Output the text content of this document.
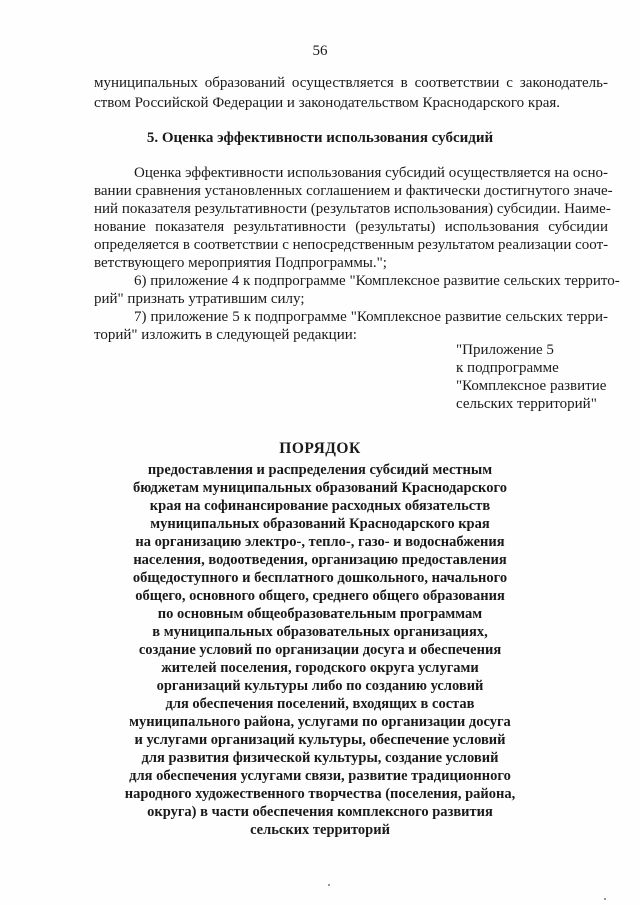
56
муниципальных образований осуществляется в соответствии с законодатель-
ством Российской Федерации и законодательством Краснодарского края.
5. Оценка эффективности использования субсидий
Оценка эффективности использования субсидий осуществляется на осно-
вании сравнения установленных соглашением и фактически достигнутого значе-
ний показателя результативности (результатов использования) субсидии. Наиме-
нование показателя результативности (результаты) использования субсидии
определяется в соответствии с непосредственным результатом реализации соот-
ветствующего мероприятия Подпрограммы.";
6) приложение 4 к подпрограмме "Комплексное развитие сельских террито-
рий" признать утратившим силу;
7) приложение 5 к подпрограмме "Комплексное развитие сельских терри-
торий" изложить в следующей редакции:
"Приложение 5
к подпрограмме
"Комплексное развитие
сельских территорий"
ПОРЯДОК
предоставления и распределения субсидий местным
бюджетам муниципальных образований Краснодарского
края на софинансирование расходных обязательств
муниципальных образований Краснодарского края
на организацию электро-, тепло-, газо- и водоснабжения
населения, водоотведения, организацию предоставления
общедоступного и бесплатного дошкольного, начального
общего, основного общего, среднего общего образования
по основным общеобразовательным программам
в муниципальных образовательных организациях,
создание условий по организации досуга и обеспечения
жителей поселения, городского округа услугами
организаций культуры либо по созданию условий
для обеспечения поселений, входящих в состав
муниципального района, услугами по организации досуга
и услугами организаций культуры, обеспечение условий
для развития физической культуры, создание условий
для обеспечения услугами связи, развитие традиционного
народного художественного творчества (поселения, района,
округа) в части обеспечения комплексного развития
сельских территорий
